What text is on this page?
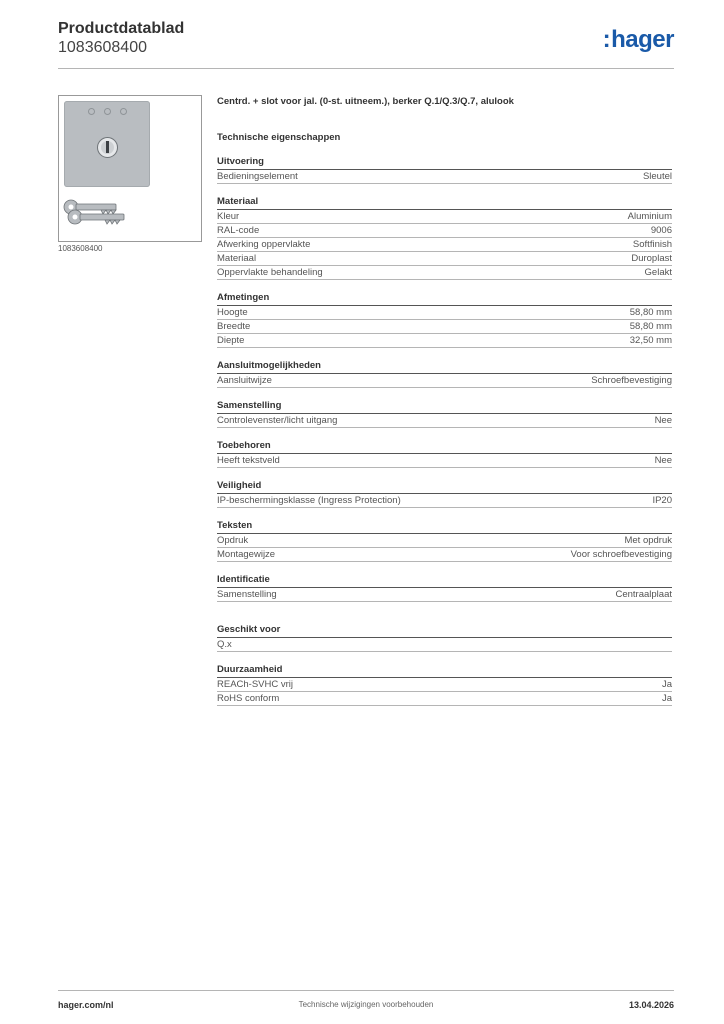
Productdatablad
1083608400	:hager
1083608400
Centrd. + slot voor jal. (0-st. uitneem.), berker Q.1/Q.3/Q.7, alulook
Technische eigenschappen
Uitvoering
Bedieningselement	Sleutel
Materiaal
Kleur	Aluminium
RAL-code	9006
Afwerking oppervlakte	Softfinish
Materiaal	Duroplast
Oppervlakte behandeling	Gelakt
Afmetingen
Hoogte	58,80 mm
Breedte	58,80 mm
Diepte	32,50 mm
Aansluitmogelijkheden
Aansluitwijze	Schroefbevestiging
Samenstelling
Controlevenster/licht uitgang	Nee
Toebehoren
Heeft tekstveld	Nee
Veiligheid
IP-beschermingsklasse (Ingress Protection)	IP20
Teksten
Opdruk	Met opdruk
Montagewijze	Voor schroefbevestiging
Identificatie
Samenstelling	Centraalplaat
Geschikt voor
Q.x
Duurzaamheid
REACh-SVHC vrij	Ja
RoHS conform	Ja
hager.com/nl	Technische wijzigingen voorbehouden	13.04.2026
